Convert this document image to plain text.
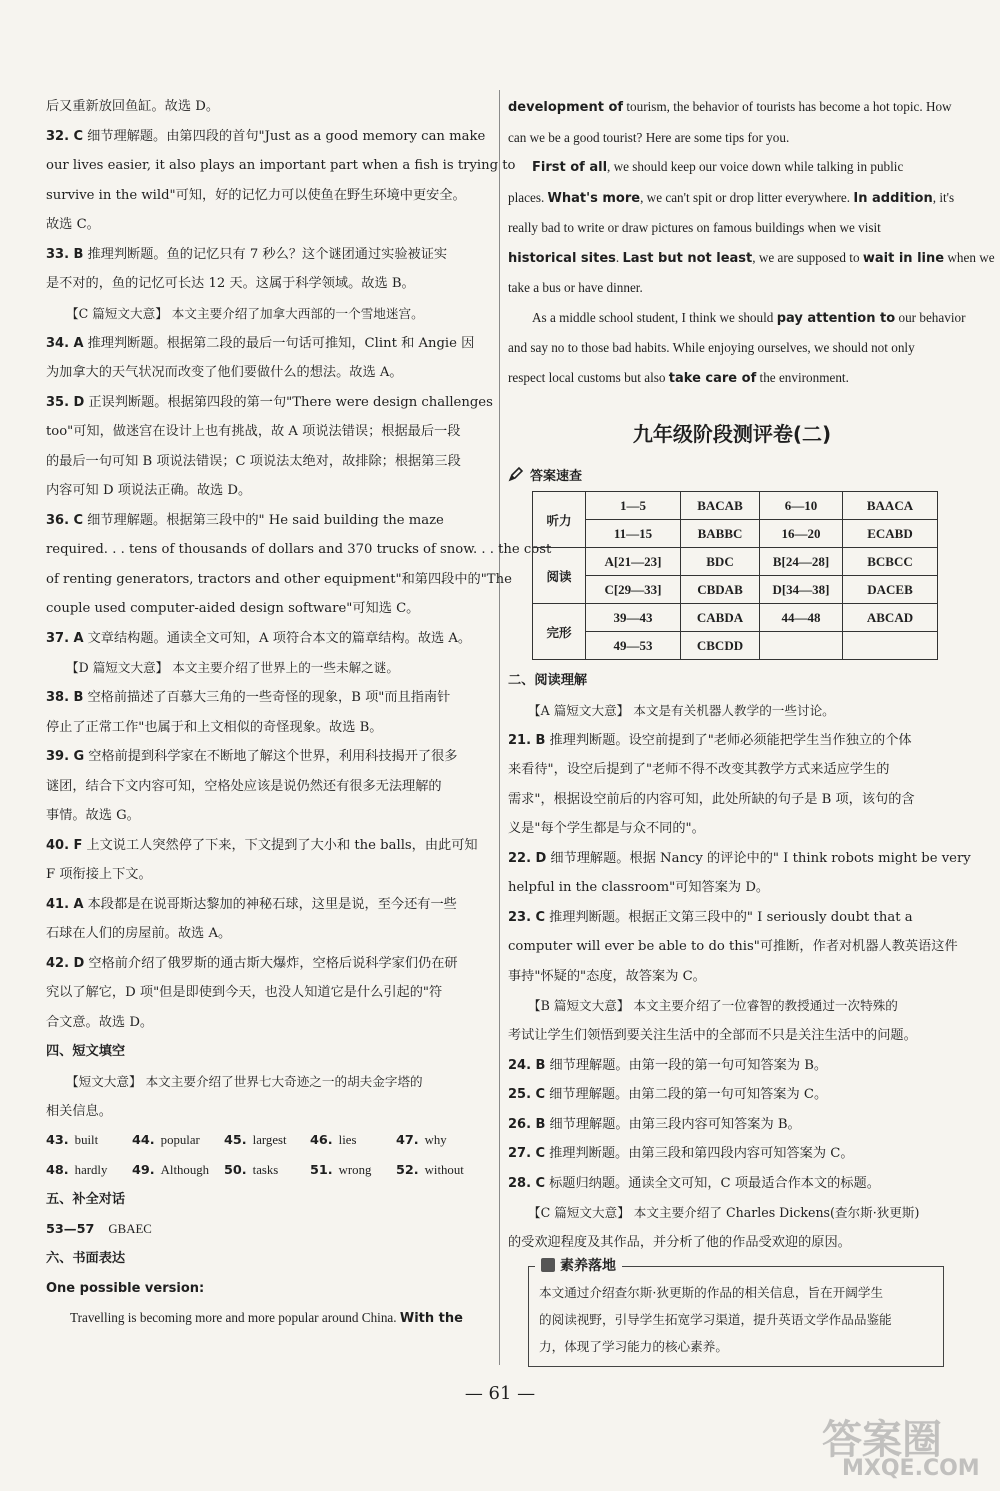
后又重新放回鱼缸。故选 D。
32. C 细节理解题。由第四段的首句"Just as a good memory can make
our lives easier, it also plays an important part when a fish is trying to
survive in the wild"可知，好的记忆力可以使鱼在野生环境中更安全。
故选 C。
33. B 推理判断题。鱼的记忆只有 7 秒么？这个谜团通过实验被证实
是不对的，鱼的记忆可长达 12 天。这属于科学领域。故选 B。
【C 篇短文大意】 本文主要介绍了加拿大西部的一个雪地迷宫。
34. A 推理判断题。根据第二段的最后一句话可推知，Clint 和 Angie 因
为加拿大的天气状况而改变了他们要做什么的想法。故选 A。
35. D 正误判断题。根据第四段的第一句"There were design challenges
too"可知，做迷宫在设计上也有挑战，故 A 项说法错误；根据最后一段
的最后一句可知 B 项说法错误；C 项说法太绝对，故排除；根据第三段
内容可知 D 项说法正确。故选 D。
36. C 细节理解题。根据第三段中的" He said building the maze
required. . . tens of thousands of dollars and 370 trucks of snow. . . the cost
of renting generators, tractors and other equipment"和第四段中的"The
couple used computer-aided design software"可知选 C。
37. A 文章结构题。通读全文可知，A 项符合本文的篇章结构。故选 A。
【D 篇短文大意】 本文主要介绍了世界上的一些未解之谜。
38. B 空格前描述了百慕大三角的一些奇怪的现象，B 项"而且指南针
停止了正常工作"也属于和上文相似的奇怪现象。故选 B。
39. G 空格前提到科学家在不断地了解这个世界，利用科技揭开了很多
谜团，结合下文内容可知，空格处应该是说仍然还有很多无法理解的
事情。故选 G。
40. F 上文说工人突然停了下来，下文提到了大小和 the balls，由此可知
F 项衔接上下文。
41. A 本段都是在说哥斯达黎加的神秘石球，这里是说，至今还有一些
石球在人们的房屋前。故选 A。
42. D 空格前介绍了俄罗斯的通古斯大爆炸，空格后说科学家们仍在研
究以了解它，D 项"但是即使到今天，也没人知道它是什么引起的"符
合文意。故选 D。
四、短文填空
【短文大意】 本文主要介绍了世界七大奇迹之一的胡夫金字塔的
相关信息。
43. built	44. popular	45. largest	46. lies	47. why
48. hardly	49. Although	50. tasks	51. wrong	52. without
五、补全对话
53—57 GBAEC
六、书面表达
One possible version:
Travelling is becoming more and more popular around China. With the
development of tourism, the behavior of tourists has become a hot topic. How
can we be a good tourist? Here are some tips for you.
First of all, we should keep our voice down while talking in public
places. What's more, we can't spit or drop litter everywhere. In addition, it's
really bad to write or draw pictures on famous buildings when we visit
historical sites. Last but not least, we are supposed to wait in line when we
take a bus or have dinner.
As a middle school student, I think we should pay attention to our behavior
and say no to those bad habits. While enjoying ourselves, we should not only
respect local customs but also take care of the environment.
九年级阶段测评卷(二)
答案速查
听力	1—5	BACAB	6—10	BAACA
	11—15	BABBC	16—20	ECABD
阅读	A[21—23]	BDC	B[24—28]	BCBCC
	C[29—33]	CBDAB	D[34—38]	DACEB
完形	39—43	CABDA	44—48	ABCAD
	49—53	CBCDD		
二、阅读理解
【A 篇短文大意】 本文是有关机器人教学的一些讨论。
21. B 推理判断题。设空前提到了"老师必须能把学生当作独立的个体
来看待"，设空后提到了"老师不得不改变其教学方式来适应学生的
需求"，根据设空前后的内容可知，此处所缺的句子是 B 项，该句的含
义是"每个学生都是与众不同的"。
22. D 细节理解题。根据 Nancy 的评论中的" I think robots might be very
helpful in the classroom"可知答案为 D。
23. C 推理判断题。根据正文第三段中的" I seriously doubt that a
computer will ever be able to do this"可推断，作者对机器人教英语这件
事持"怀疑的"态度，故答案为 C。
【B 篇短文大意】 本文主要介绍了一位睿智的教授通过一次特殊的
考试让学生们领悟到要关注生活中的全部而不只是关注生活中的问题。
24. B 细节理解题。由第一段的第一句可知答案为 B。
25. C 细节理解题。由第二段的第一句可知答案为 C。
26. B 细节理解题。由第三段内容可知答案为 B。
27. C 推理判断题。由第三段和第四段内容可知答案为 C。
28. C 标题归纳题。通读全文可知，C 项最适合作本文的标题。
【C 篇短文大意】 本文主要介绍了 Charles Dickens(查尔斯·狄更斯)
的受欢迎程度及其作品，并分析了他的作品受欢迎的原因。
素养落地
本文通过介绍查尔斯·狄更斯的作品的相关信息，旨在开阔学生
的阅读视野，引导学生拓宽学习渠道，提升英语文学作品品鉴能
力，体现了学习能力的核心素养。
— 61 —
答案圈
MXQE.COM
